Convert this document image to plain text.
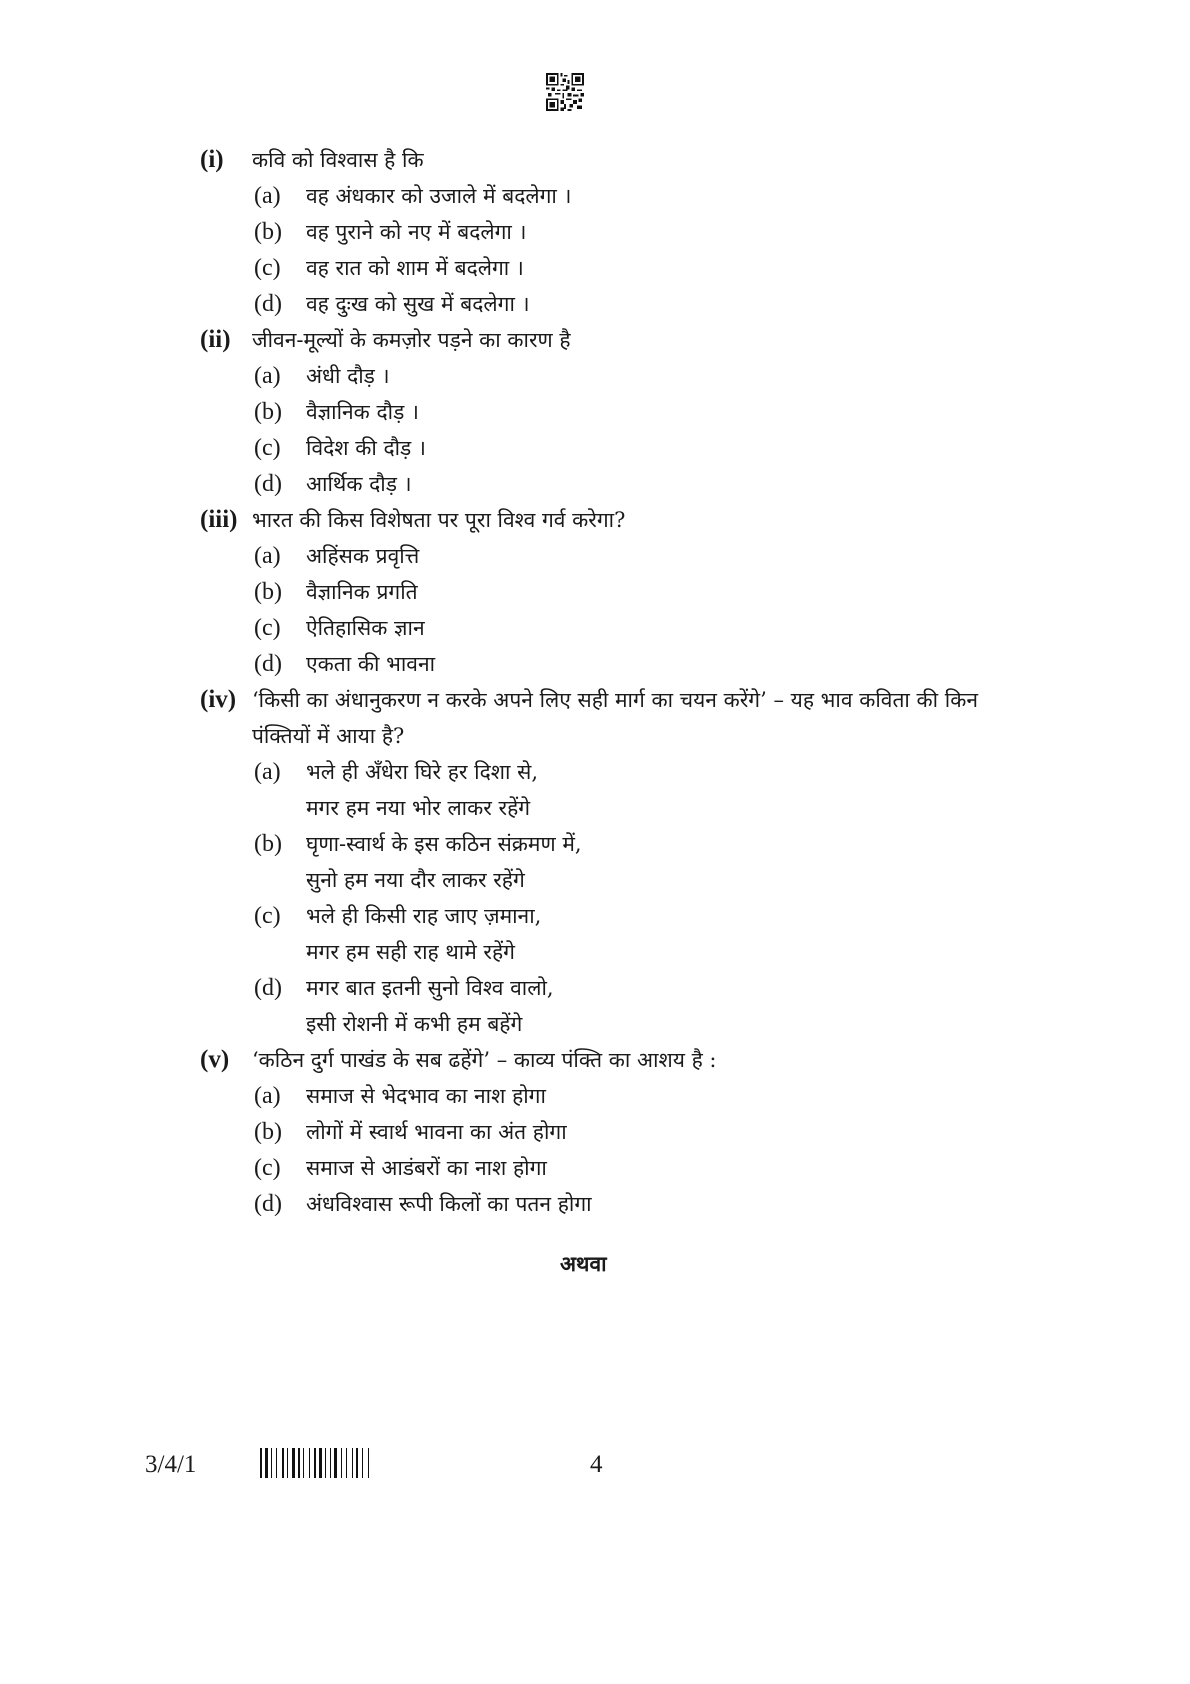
(i) कवि को विश्वास है कि
(a) वह अंधकार को उजाले में बदलेगा ।
(b) वह पुराने को नए में बदलेगा ।
(c) वह रात को शाम में बदलेगा ।
(d) वह दुःख को सुख में बदलेगा ।
(ii) जीवन-मूल्यों के कमज़ोर पड़ने का कारण है
(a) अंधी दौड़ ।
(b) वैज्ञानिक दौड़ ।
(c) विदेश की दौड़ ।
(d) आर्थिक दौड़ ।
(iii) भारत की किस विशेषता पर पूरा विश्व गर्व करेगा?
(a) अहिंसक प्रवृत्ति
(b) वैज्ञानिक प्रगति
(c) ऐतिहासिक ज्ञान
(d) एकता की भावना
(iv) ‘किसी का अंधानुकरण न करके अपने लिए सही मार्ग का चयन करेंगे’ – यह भाव कविता की किन पंक्तियों में आया है?
(a) भले ही अँधेरा घिरे हर दिशा से,
मगर हम नया भोर लाकर रहेंगे
(b) घृणा-स्वार्थ के इस कठिन संक्रमण में,
सुनो हम नया दौर लाकर रहेंगे
(c) भले ही किसी राह जाए ज़माना,
मगर हम सही राह थामे रहेंगे
(d) मगर बात इतनी सुनो विश्व वालो,
इसी रोशनी में कभी हम बहेंगे
(v) ‘कठिन दुर्ग पाखंड के सब ढहेंगे’ – काव्य पंक्ति का आशय है :
(a) समाज से भेदभाव का नाश होगा
(b) लोगों में स्वार्थ भावना का अंत होगा
(c) समाज से आडंबरों का नाश होगा
(d) अंधविश्वास रूपी किलों का पतन होगा
अथवा
3/4/1	4
